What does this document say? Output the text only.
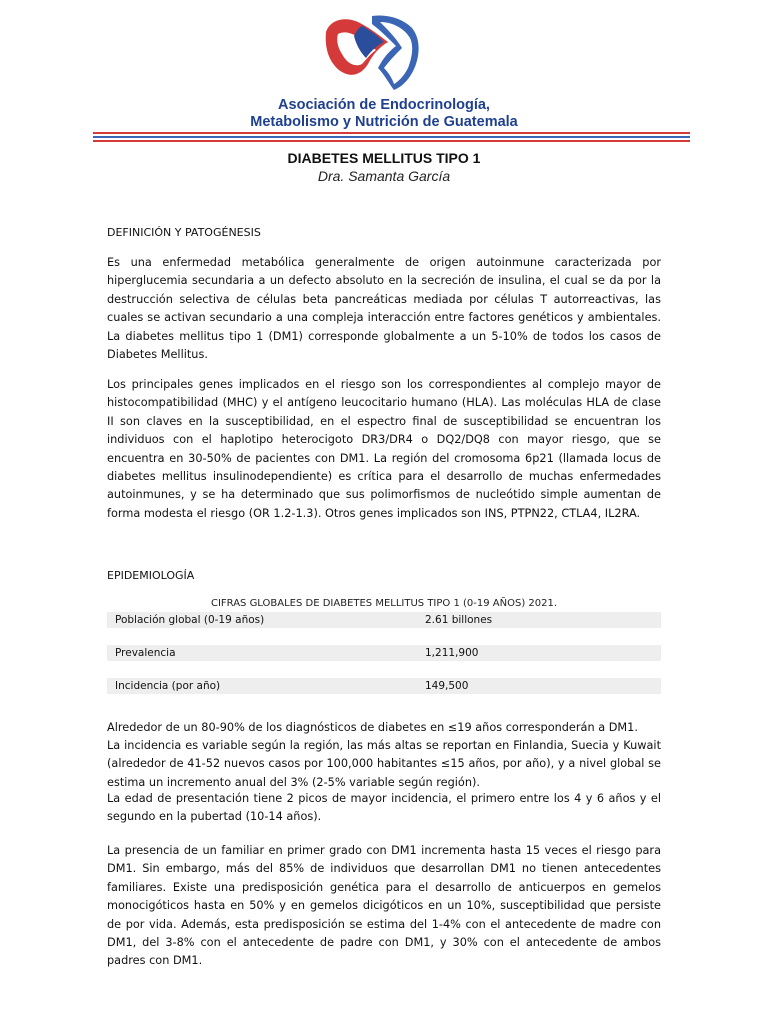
Asociación de Endocrinología,
Metabolismo y Nutrición de Guatemala
DIABETES MELLITUS TIPO 1
Dra. Samanta García
DEFINICIÓN Y PATOGÉNESIS
Es una enfermedad metabólica generalmente de origen autoinmune caracterizada por hiperglucemia secundaria a un defecto absoluto en la secreción de insulina, el cual se da por la destrucción selectiva de células beta pancreáticas mediada por células T autorreactivas, las cuales se activan secundario a una compleja interacción entre factores genéticos y ambientales. La diabetes mellitus tipo 1 (DM1) corresponde globalmente a un 5-10% de todos los casos de Diabetes Mellitus.
Los principales genes implicados en el riesgo son los correspondientes al complejo mayor de histocompatibilidad (MHC) y el antígeno leucocitario humano (HLA). Las moléculas HLA de clase II son claves en la susceptibilidad, en el espectro final de susceptibilidad se encuentran los individuos con el haplotipo heterocigoto DR3/DR4 o DQ2/DQ8 con mayor riesgo, que se encuentra en 30-50% de pacientes con DM1. La región del cromosoma 6p21 (llamada locus de diabetes mellitus insulinodependiente) es crítica para el desarrollo de muchas enfermedades autoinmunes, y se ha determinado que sus polimorfismos de nucleótido simple aumentan de forma modesta el riesgo (OR 1.2-1.3). Otros genes implicados son INS, PTPN22, CTLA4, IL2RA.
EPIDEMIOLOGÍA
CIFRAS GLOBALES DE DIABETES MELLITUS TIPO 1 (0-19 AÑOS) 2021.
Población global (0-19 años)	2.61 billones
Prevalencia	1,211,900
Incidencia (por año)	149,500
Alrededor de un 80-90% de los diagnósticos de diabetes en ≤19 años corresponderán a DM1.
La incidencia es variable según la región, las más altas se reportan en Finlandia, Suecia y Kuwait (alrededor de 41-52 nuevos casos por 100,000 habitantes ≤15 años, por año), y a nivel global se estima un incremento anual del 3% (2-5% variable según región).
La edad de presentación tiene 2 picos de mayor incidencia, el primero entre los 4 y 6 años y el segundo en la pubertad (10-14 años).
La presencia de un familiar en primer grado con DM1 incrementa hasta 15 veces el riesgo para DM1. Sin embargo, más del 85% de individuos que desarrollan DM1 no tienen antecedentes familiares. Existe una predisposición genética para el desarrollo de anticuerpos en gemelos monocigóticos hasta en 50% y en gemelos dicigóticos en un 10%, susceptibilidad que persiste de por vida. Además, esta predisposición se estima del 1-4% con el antecedente de madre con DM1, del 3-8% con el antecedente de padre con DM1, y 30% con el antecedente de ambos padres con DM1.
